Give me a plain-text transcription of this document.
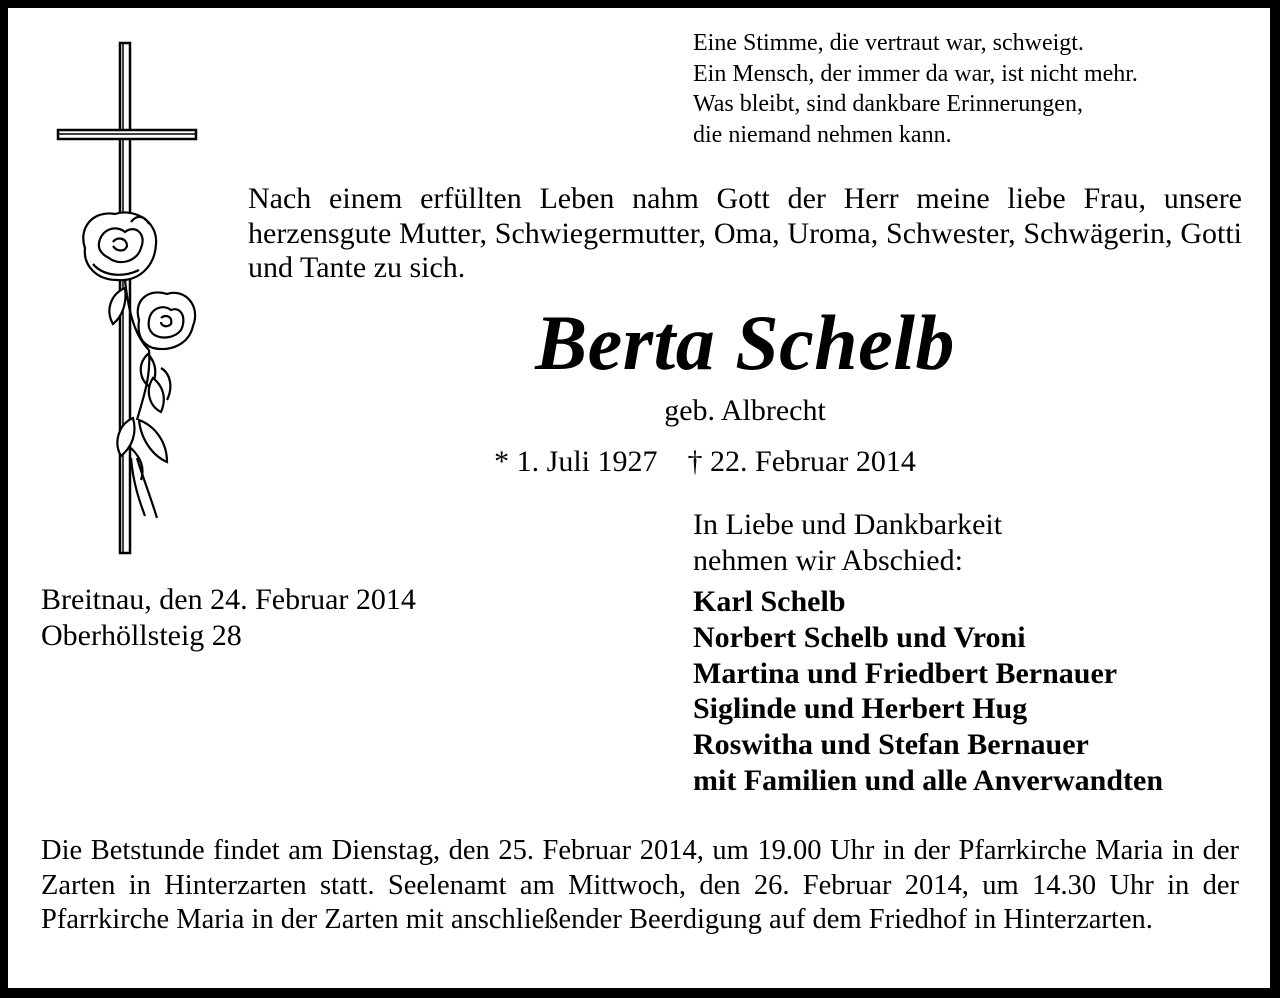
Eine Stimme, die vertraut war, schweigt.
Ein Mensch, der immer da war, ist nicht mehr.
Was bleibt, sind dankbare Erinnerungen,
die niemand nehmen kann.
Nach einem erfüllten Leben nahm Gott der Herr meine liebe Frau, unsere herzensgute Mutter, Schwiegermutter, Oma, Uroma, Schwester, Schwägerin, Gotti und Tante zu sich.
Berta Schelb
geb. Albrecht
* 1. Juli 1927 † 22. Februar 2014
In Liebe und Dankbarkeit
nehmen wir Abschied:
Karl Schelb
Norbert Schelb und Vroni
Martina und Friedbert Bernauer
Siglinde und Herbert Hug
Roswitha und Stefan Bernauer
mit Familien und alle Anverwandten
Breitnau, den 24. Februar 2014
Oberhöllsteig 28
Die Betstunde findet am Dienstag, den 25. Februar 2014, um 19.00 Uhr in der Pfarrkirche Maria in der Zarten in Hinterzarten statt. Seelenamt am Mittwoch, den 26. Februar 2014, um 14.30 Uhr in der Pfarrkirche Maria in der Zarten mit anschließender Beerdigung auf dem Friedhof in Hinterzarten.
